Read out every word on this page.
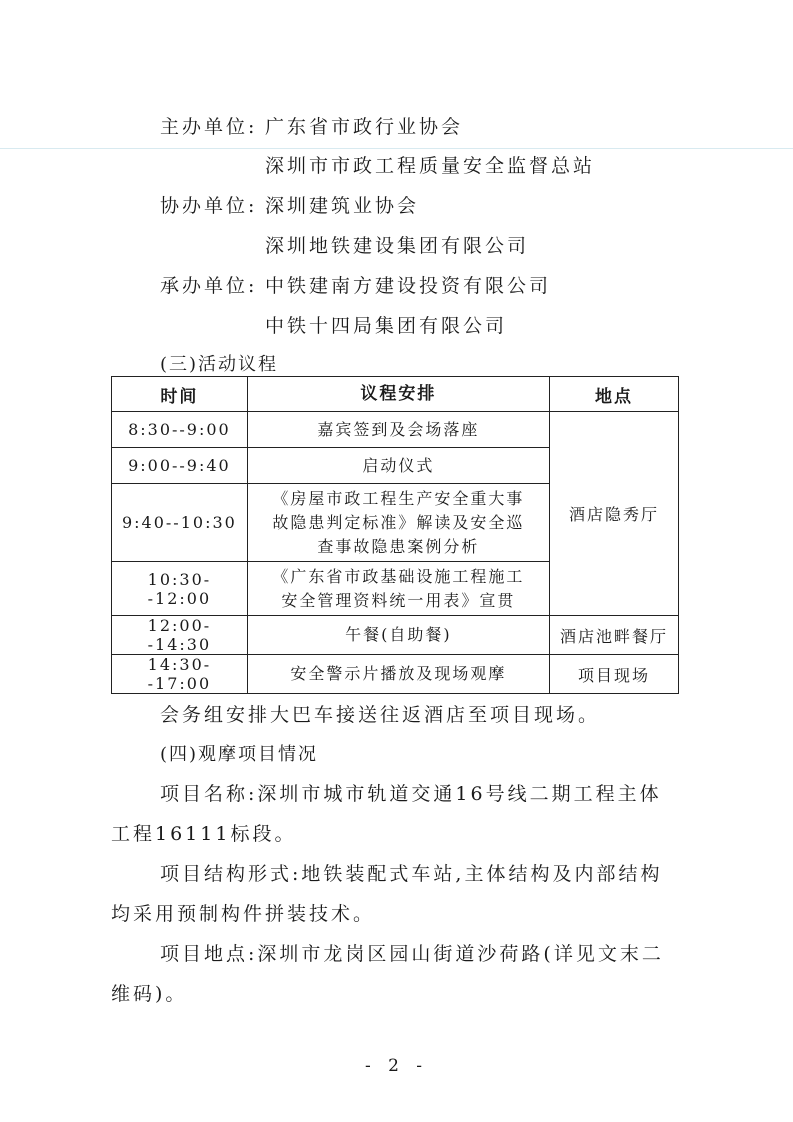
主办单位: 广东省市政行业协会
深圳市市政工程质量安全监督总站
协办单位: 深圳建筑业协会
深圳地铁建设集团有限公司
承办单位: 中铁建南方建设投资有限公司
中铁十四局集团有限公司
(三)活动议程
时间	议程安排	地点
8:30--9:00	嘉宾签到及会场落座	酒店隐秀厅
9:00--9:40	启动仪式	
9:40--10:30	《房屋市政工程生产安全重大事
故隐患判定标准》解读及安全巡
查事故隐患案例分析	

10:30--12:00	《广东省市政基础设施工程施工
安全管理资料统一用表》宣贯	

12:00--14:30	午餐(自助餐)	酒店池畔餐厅
14:30--17:00	安全警示片播放及现场观摩	项目现场
会务组安排大巴车接送往返酒店至项目现场。
(四)观摩项目情况
项目名称:深圳市城市轨道交通16号线二期工程主体
工程16111标段。
项目结构形式:地铁装配式车站,主体结构及内部结构
均采用预制构件拼装技术。
项目地点:深圳市龙岗区园山街道沙荷路(详见文末二
维码)。
- 2 -
